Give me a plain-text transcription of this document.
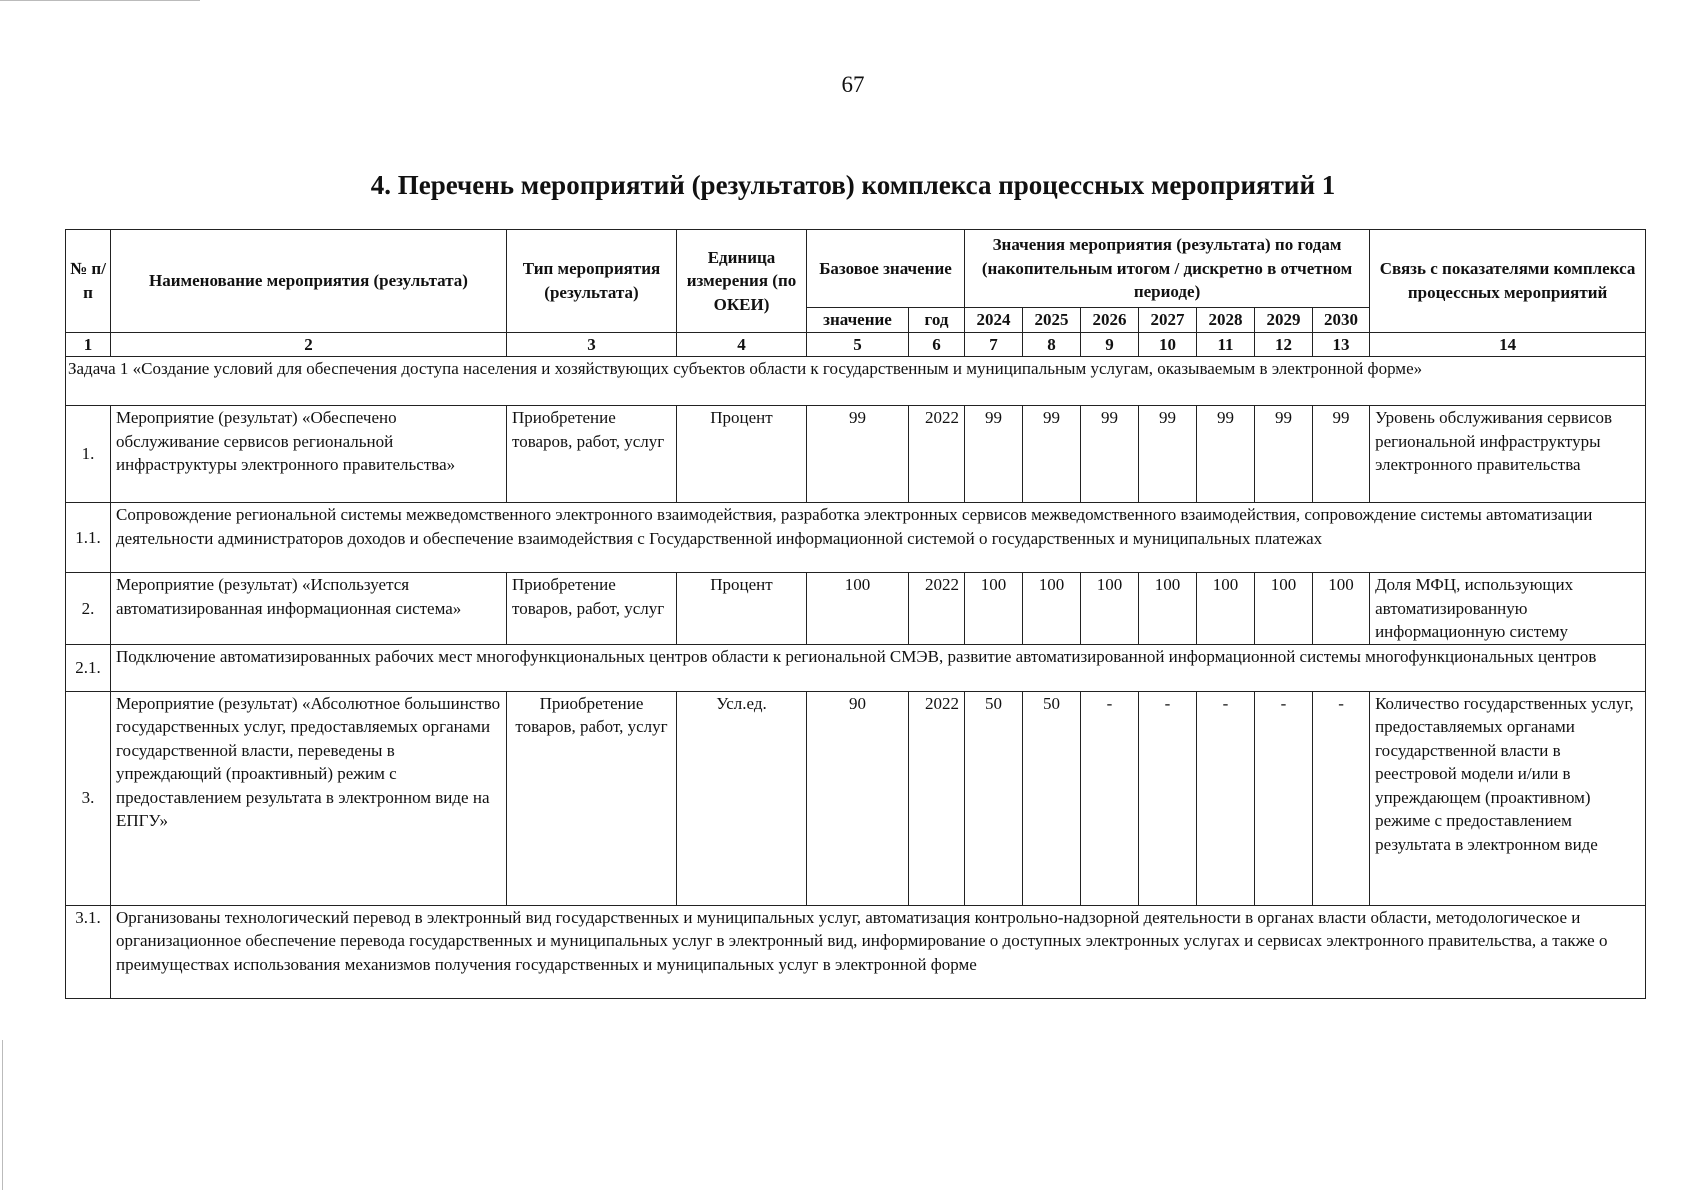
67
4. Перечень мероприятий (результатов) комплекса процессных мероприятий 1
№ п/п	Наименование мероприятия (результата)	Тип мероприятия (результата)	Единица измерения (по ОКЕИ)	Базовое значение		Значения мероприятия (результата) по годам (накопительным итогом / дискретно в отчетном периоде)							Связь с показателями комплекса процессных мероприятий
				значение	год	2024	2025	2026	2027	2028	2029	2030	
1	2	3	4	5	6	7	8	9	10	11	12	13	14
Задача 1 «Создание условий для обеспечения доступа населения и хозяйствующих субъектов области к государственным и муниципальным услугам, оказываемым в электронной форме»													
1.	Мероприятие (результат) «Обеспечено обслуживание сервисов региональной инфраструктуры электронного правительства»	Приобретение товаров, работ, услуг	Процент	99	2022	99	99	99	99	99	99	99	Уровень обслуживания сервисов региональной инфраструктуры электронного правительства
1.1.	Сопровождение региональной системы межведомственного электронного взаимодействия, разработка электронных сервисов межведомственного взаимодействия, сопровождение системы автоматизации деятельности администраторов доходов и обеспечение взаимодействия с Государственной информационной системой о государственных и муниципальных платежах												
2.	Мероприятие (результат) «Используется автоматизированная информационная система»	Приобретение товаров, работ, услуг	Процент	100	2022	100	100	100	100	100	100	100	Доля МФЦ, использующих автоматизированную информационную систему
2.1.	Подключение автоматизированных рабочих мест многофункциональных центров области к региональной СМЭВ, развитие автоматизированной информационной системы многофункциональных центров												
3.	Мероприятие (результат) «Абсолютное большинство государственных услуг, предоставляемых органами государственной власти, переведены в упреждающий (проактивный) режим с предоставлением результата в электронном виде на ЕПГУ»	Приобретение товаров, работ, услуг	Усл.ед.	90	2022	50	50	-	-	-	-	-	Количество государственных услуг, предоставляемых органами государственной власти в реестровой модели и/или в упреждающем (проактивном) режиме с предоставлением результата в электронном виде
3.1.	Организованы технологический перевод в электронный вид государственных и муниципальных услуг, автоматизация контрольно-надзорной деятельности в органах власти области, методологическое и организационное обеспечение перевода государственных и муниципальных услуг в электронный вид, информирование о доступных электронных услугах и сервисах электронного правительства, а также о преимуществах использования механизмов получения государственных и муниципальных услуг в электронной форме												
